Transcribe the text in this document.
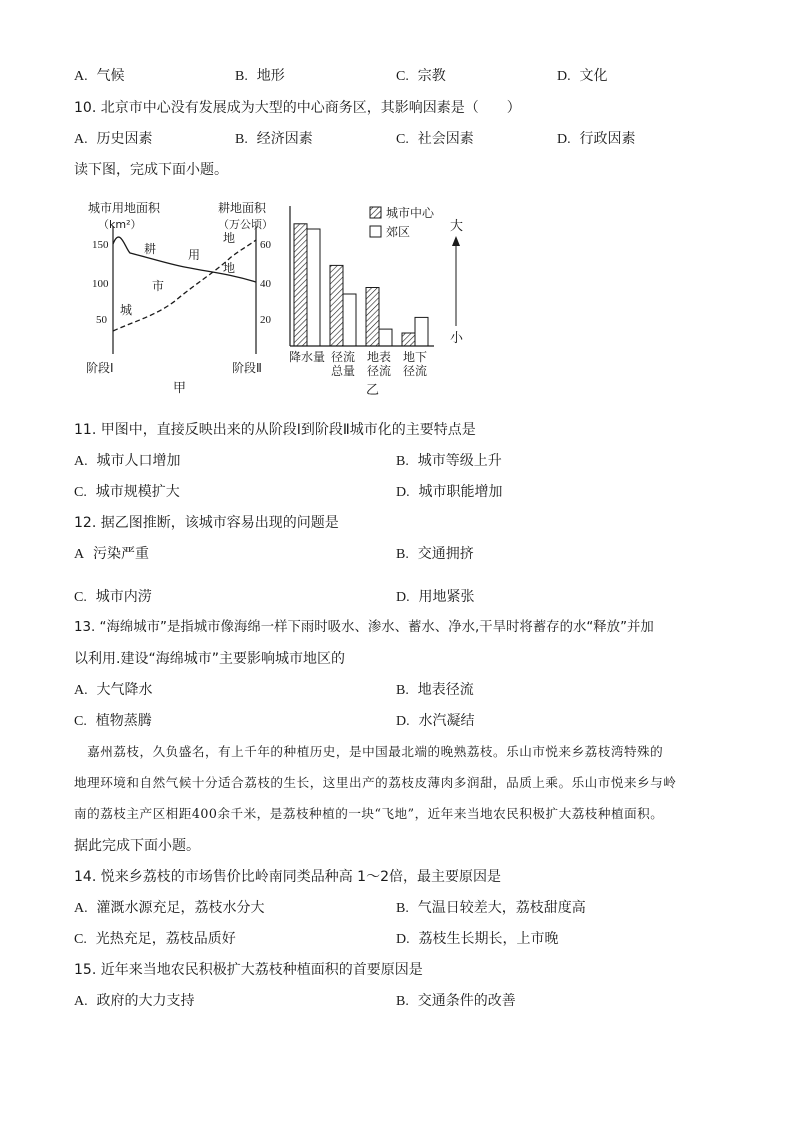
A. 气候	B. 地形	C. 宗教	D. 文化
10. 北京市中心没有发展成为大型的中心商务区，其影响因素是（　　）
A. 历史因素	B. 经济因素	C. 社会因素	D. 行政因素
读下图，完成下面小题。
城市用地面积
（km²）
耕地面积
（万公顷）
150
100
50
60
40
20
耕
地
城
市
用
地
阶段Ⅰ	阶段Ⅱ
甲
降水量 径流
总量
地表
径流
地下
径流
城市中心
郊区	大
小
乙
11. 甲图中，直接反映出来的从阶段Ⅰ到阶段Ⅱ城市化的主要特点是
A. 城市人口增加	B. 城市等级上升
C. 城市规模扩大	D. 城市职能增加
12. 据乙图推断，该城市容易出现的问题是
A 污染严重	B. 交通拥挤
C. 城市内涝	D. 用地紧张
13. “海绵城市”是指城市像海绵一样下雨时吸水、渗水、蓄水、净水,干旱时将蓄存的水“释放”并加
以利用.建设“海绵城市”主要影响城市地区的
A. 大气降水	B. 地表径流
C. 植物蒸腾	D. 水汽凝结
　嘉州荔枝，久负盛名，有上千年的种植历史，是中国最北端的晚熟荔枝。乐山市悦来乡荔枝湾特殊的
地理环境和自然气候十分适合荔枝的生长，这里出产的荔枝皮薄肉多润甜，品质上乘。乐山市悦来乡与岭
南的荔枝主产区相距400余千米，是荔枝种植的一块“飞地”，近年来当地农民积极扩大荔枝种植面积。
据此完成下面小题。
14. 悦来乡荔枝的市场售价比岭南同类品种高 1～2倍，最主要原因是
A. 灌溉水源充足，荔枝水分大	B. 气温日较差大，荔枝甜度高
C. 光热充足，荔枝品质好	D. 荔枝生长期长，上市晚
15. 近年来当地农民积极扩大荔枝种植面积的首要原因是
A. 政府的大力支持	B. 交通条件的改善
